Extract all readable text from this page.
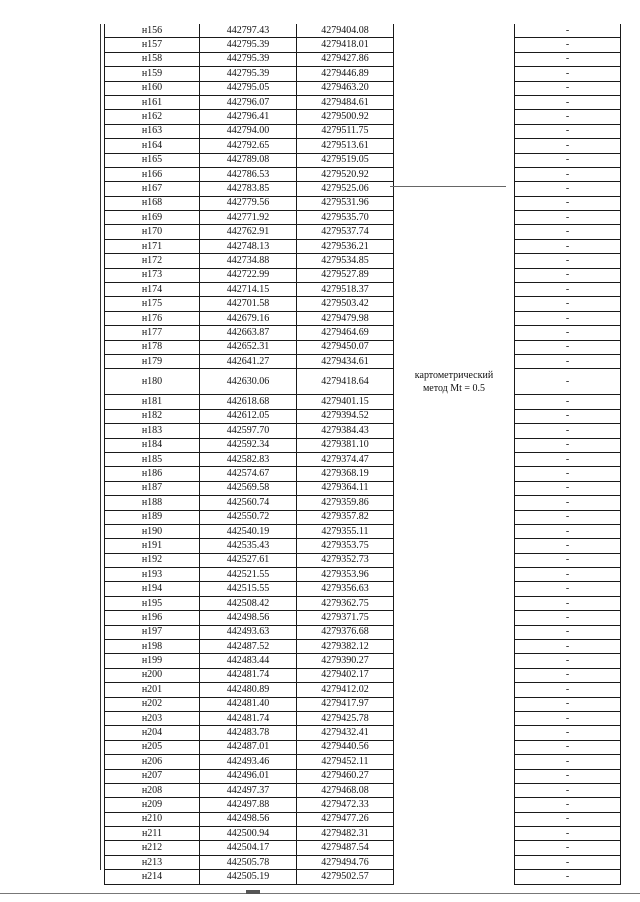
н156	442797.43	4279404.08		-
н157	442795.39	4279418.01		-
н158	442795.39	4279427.86		-
н159	442795.39	4279446.89		-
н160	442795.05	4279463.20		-
н161	442796.07	4279484.61		-
н162	442796.41	4279500.92		-
н163	442794.00	4279511.75		-
н164	442792.65	4279513.61		-
н165	442789.08	4279519.05		-
н166	442786.53	4279520.92		-
н167	442783.85	4279525.06		-
н168	442779.56	4279531.96		-
н169	442771.92	4279535.70		-
н170	442762.91	4279537.74		-
н171	442748.13	4279536.21		-
н172	442734.88	4279534.85		-
н173	442722.99	4279527.89		-
н174	442714.15	4279518.37		-
н175	442701.58	4279503.42		-
н176	442679.16	4279479.98		-
н177	442663.87	4279464.69		-
н178	442652.31	4279450.07		-
н179	442641.27	4279434.61		-
н180	442630.06	4279418.64	картометрический
метод Mt = 0.5	-
н181	442618.68	4279401.15		-
н182	442612.05	4279394.52		-
н183	442597.70	4279384.43		-
н184	442592.34	4279381.10		-
н185	442582.83	4279374.47		-
н186	442574.67	4279368.19		-
н187	442569.58	4279364.11		-
н188	442560.74	4279359.86		-
н189	442550.72	4279357.82		-
н190	442540.19	4279355.11		-
н191	442535.43	4279353.75		-
н192	442527.61	4279352.73		-
н193	442521.55	4279353.96		-
н194	442515.55	4279356.63		-
н195	442508.42	4279362.75		-
н196	442498.56	4279371.75		-
н197	442493.63	4279376.68		-
н198	442487.52	4279382.12		-
н199	442483.44	4279390.27		-
н200	442481.74	4279402.17		-
н201	442480.89	4279412.02		-
н202	442481.40	4279417.97		-
н203	442481.74	4279425.78		-
н204	442483.78	4279432.41		-
н205	442487.01	4279440.56		-
н206	442493.46	4279452.11		-
н207	442496.01	4279460.27		-
н208	442497.37	4279468.08		-
н209	442497.88	4279472.33		-
н210	442498.56	4279477.26		-
н211	442500.94	4279482.31		-
н212	442504.17	4279487.54		-
н213	442505.78	4279494.76		-
н214	442505.19	4279502.57		-
